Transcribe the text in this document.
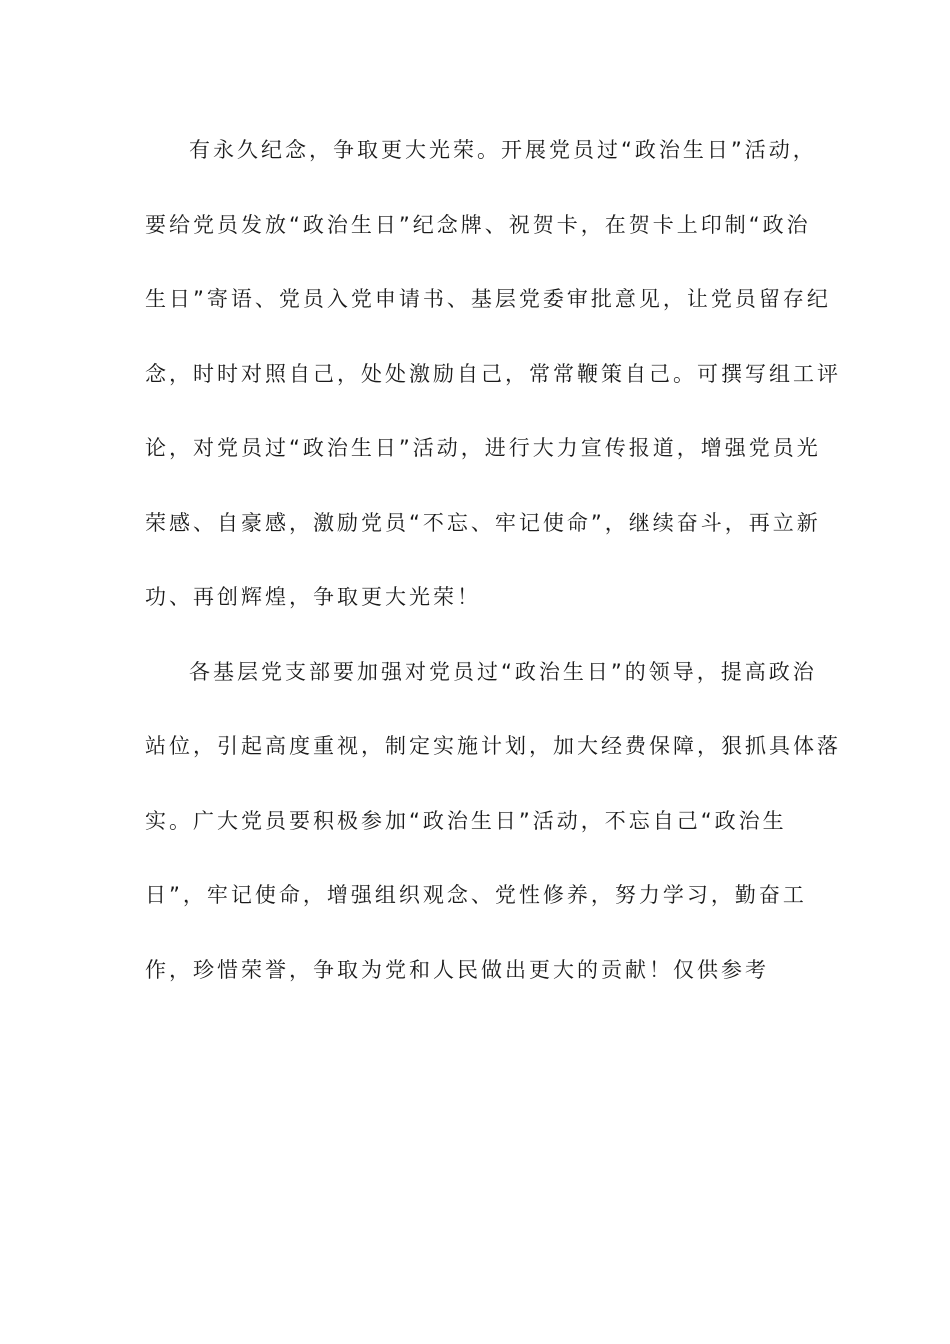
有永久纪念，争取更大光荣。开展党员过“政治生日”活动，
要给党员发放“政治生日”纪念牌、祝贺卡，在贺卡上印制“政治
生日”寄语、党员入党申请书、基层党委审批意见，让党员留存纪
念，时时对照自己，处处激励自己，常常鞭策自己。可撰写组工评
论，对党员过“政治生日”活动，进行大力宣传报道，增强党员光
荣感、自豪感，激励党员“不忘、牢记使命”，继续奋斗，再立新
功、再创辉煌，争取更大光荣！
各基层党支部要加强对党员过“政治生日”的领导，提高政治
站位，引起高度重视，制定实施计划，加大经费保障，狠抓具体落
实。广大党员要积极参加“政治生日”活动，不忘自己“政治生
日”，牢记使命，增强组织观念、党性修养，努力学习，勤奋工
作，珍惜荣誉，争取为党和人民做出更大的贡献！仅供参考
